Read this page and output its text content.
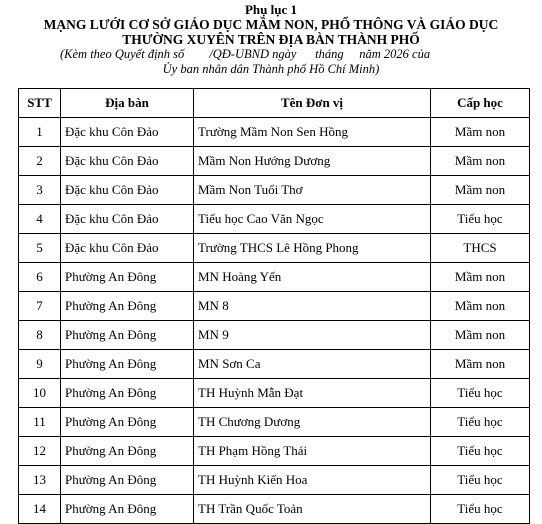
Phụ lục 1
MẠNG LƯỚI CƠ SỞ GIÁO DỤC MẦM NON, PHỔ THÔNG VÀ GIÁO DỤC
THƯỜNG XUYÊN TRÊN ĐỊA BÀN THÀNH PHỐ
(Kèm theo Quyết định số        /QĐ-UBND ngày      tháng     năm 2026 của
Ủy ban nhân dân Thành phố Hồ Chí Minh)
STT	Địa bàn	Tên Đơn vị	Cấp học
1	Đặc khu Côn Đảo	Trường Mầm Non Sen Hồng	Mầm non
2	Đặc khu Côn Đảo	Mầm Non Hướng Dương	Mầm non
3	Đặc khu Côn Đảo	Mầm Non Tuổi Thơ	Mầm non
4	Đặc khu Côn Đảo	Tiểu học Cao Văn Ngọc	Tiểu học
5	Đặc khu Côn Đảo	Trường THCS Lê Hồng Phong	THCS
6	Phường An Đông	MN Hoàng Yến	Mầm non
7	Phường An Đông	MN 8	Mầm non
8	Phường An Đông	MN 9	Mầm non
9	Phường An Đông	MN Sơn Ca	Mầm non
10	Phường An Đông	TH Huỳnh Mẫn Đạt	Tiểu học
11	Phường An Đông	TH Chương Dương	Tiểu học
12	Phường An Đông	TH Phạm Hồng Thái	Tiểu học
13	Phường An Đông	TH Huỳnh Kiến Hoa	Tiểu học
14	Phường An Đông	TH Trần Quốc Toản	Tiểu học
